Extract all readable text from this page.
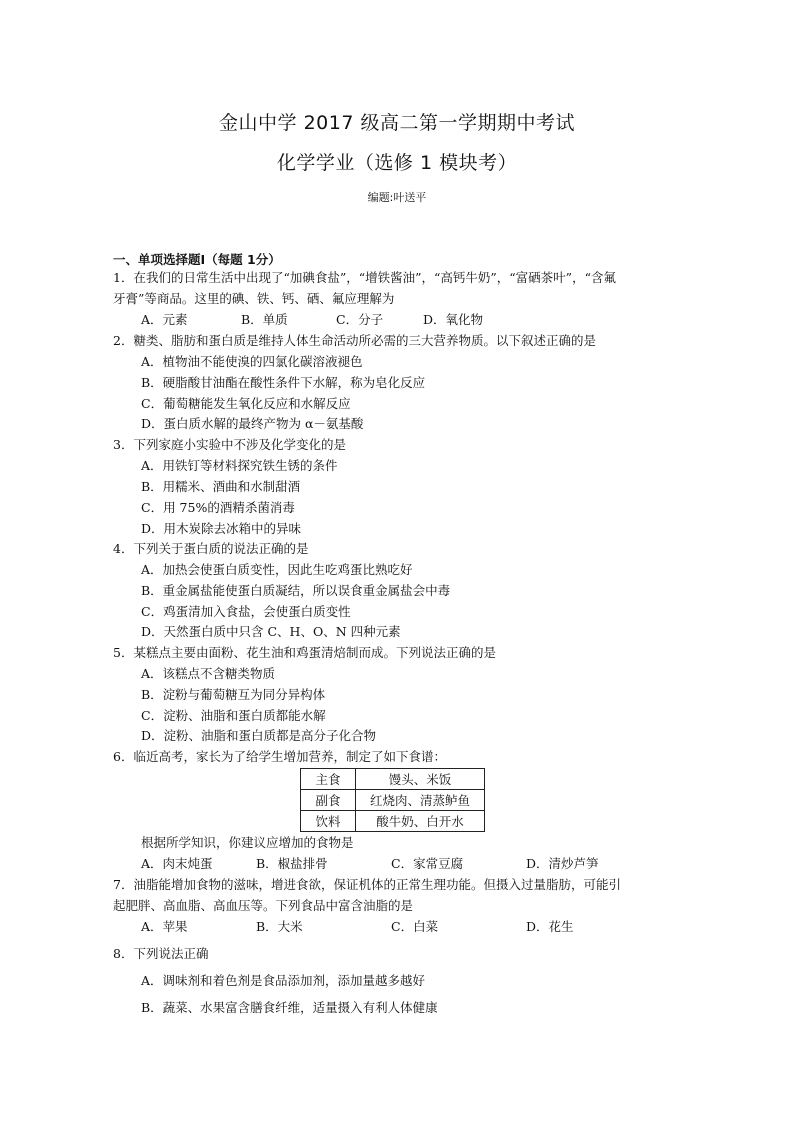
金山中学 2017 级高二第一学期期中考试
化学学业（选修 1 模块考）
编题:叶送平
一、单项选择题Ⅰ（每题 1分）
1．在我们的日常生活中出现了“加碘食盐”，“增铁酱油”，“高钙牛奶”，“富硒茶叶”，“含氟
牙膏”等商品。这里的碘、铁、钙、硒、氟应理解为
A．元素	B．单质	C．分子	D．氧化物
2．糖类、脂肪和蛋白质是维持人体生命活动所必需的三大营养物质。以下叙述正确的是
A．植物油不能使溴的四氯化碳溶液褪色
B．硬脂酸甘油酯在酸性条件下水解，称为皂化反应
C．葡萄糖能发生氧化反应和水解反应
D．蛋白质水解的最终产物为 α－氨基酸
3．下列家庭小实验中不涉及化学变化的是
A．用铁钉等材料探究铁生锈的条件
B．用糯米、酒曲和水制甜酒
C．用 75%的酒精杀菌消毒
D．用木炭除去冰箱中的异味
4．下列关于蛋白质的说法正确的是
A．加热会使蛋白质变性，因此生吃鸡蛋比熟吃好
B．重金属盐能使蛋白质凝结，所以误食重金属盐会中毒
C．鸡蛋清加入食盐，会使蛋白质变性
D．天然蛋白质中只含 C、H、O、N 四种元素
5．某糕点主要由面粉、花生油和鸡蛋清焙制而成。下列说法正确的是
A．该糕点不含糖类物质
B．淀粉与葡萄糖互为同分异构体
C．淀粉、油脂和蛋白质都能水解
D．淀粉、油脂和蛋白质都是高分子化合物
6．临近高考，家长为了给学生增加营养，制定了如下食谱：
主食	馒头、米饭
副食	红烧肉、清蒸鲈鱼
饮料	酸牛奶、白开水
根据所学知识，你建议应增加的食物是
A．肉末炖蛋	B．椒盐排骨	C．家常豆腐	D．清炒芦笋
7．油脂能增加食物的滋味，增进食欲，保证机体的正常生理功能。但摄入过量脂肪，可能引
起肥胖、高血脂、高血压等。下列食品中富含油脂的是
A．苹果	B．大米	C．白菜	D．花生
8．下列说法正确
A．调味剂和着色剂是食品添加剂，添加量越多越好
B．蔬菜、水果富含膳食纤维，适量摄入有利人体健康
